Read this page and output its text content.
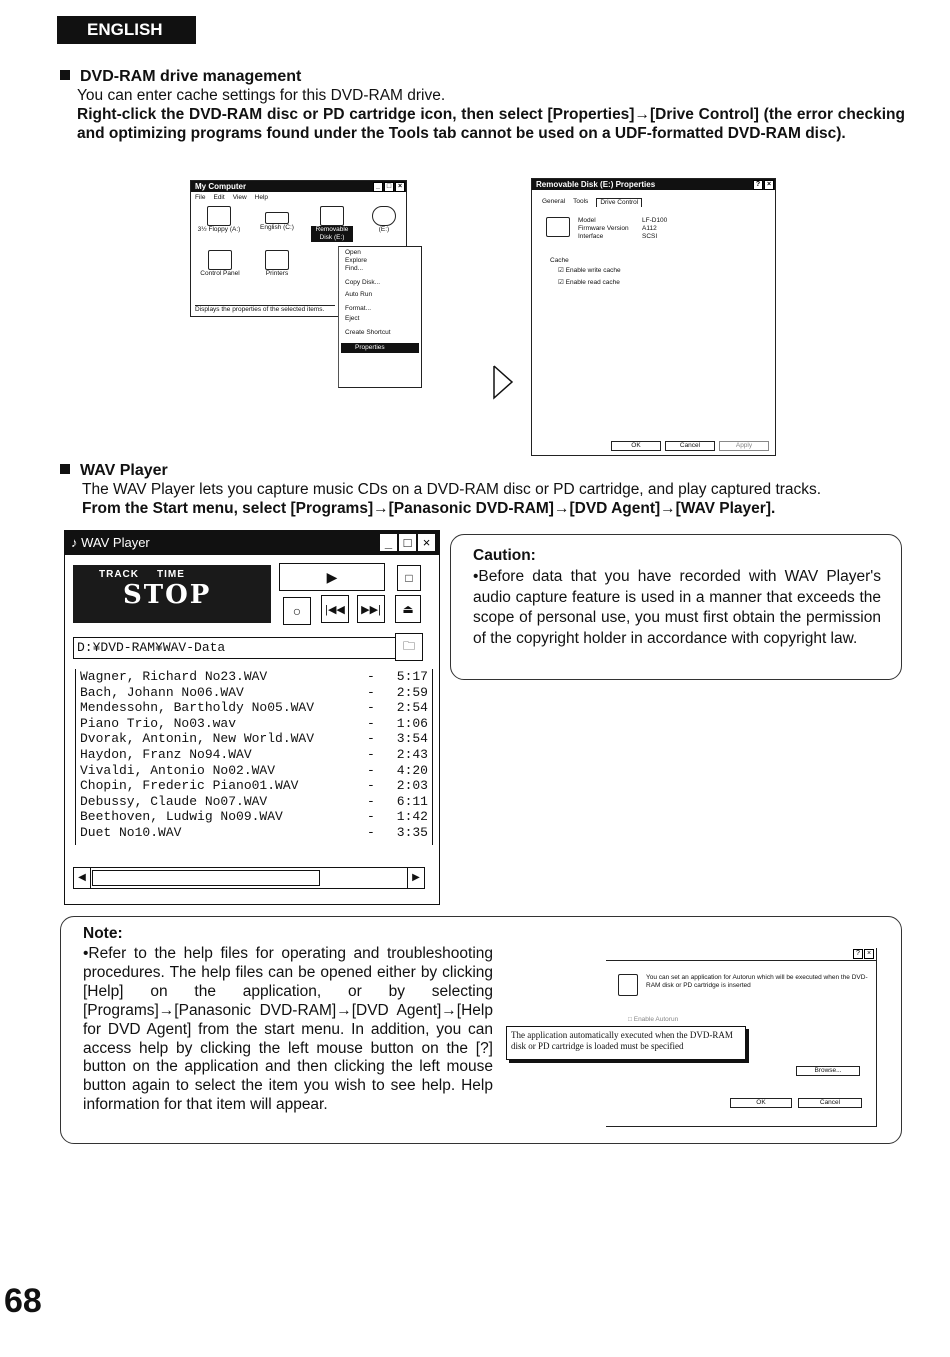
ENGLISH
DVD-RAM drive management
You can enter cache settings for this DVD-RAM drive.
Right-click the DVD-RAM disc or PD cartridge icon, then select [Properties]→[Drive Control] (the error checking and optimizing programs found under the Tools tab cannot be used on a UDF-formatted DVD-RAM disc).
My Computer	_ □ ×
File Edit View Help
3½ Floppy (A:)	English (C:)	Removable Disk (E:)
(E:)
Control Panel	Printers
Displays the properties of the selected items.
Open
Explore
Find...
Copy Disk...
Auto Run
Format...
Eject
Create Shortcut
Properties
Removable Disk (E:) Properties	? ×
General Tools	Drive Control
Model	LF-D100
Firmware Version	A112
Interface	SCSI
Cache
☑ Enable write cache
☑ Enable read cache
OK	Cancel	Apply
WAV Player
The WAV Player lets you capture music CDs on a DVD-RAM disc or PD cartridge, and play captured tracks.
From the Start menu, select [Programs]→[Panasonic DVD-RAM]→[DVD Agent]→[WAV Player].
♪ WAV Player	_ □ ×
TRACK TIME
STOP
▶	□
○	|◀◀	▶▶|	⏏
D:¥DVD-RAM¥WAV-Data	🗀
Wagner, Richard No23.WAV	- 5:17
Bach, Johann No06.WAV	- 2:59
Mendessohn, Bartholdy No05.WAV	- 2:54
Piano Trio, No03.wav	- 1:06
Dvorak, Antonin, New World.WAV	- 3:54
Haydon, Franz No94.WAV	- 2:43
Vivaldi, Antonio No02.WAV	- 4:20
Chopin, Frederic Piano01.WAV	- 2:03
Debussy, Claude No07.WAV	- 6:11
Beethoven, Ludwig No09.WAV	- 1:42
Duet No10.WAV	- 3:35
◀	▶
Caution:
•Before data that you have recorded with WAV Player's audio capture feature is used in a manner that exceeds the scope of personal use, you must first obtain the permission of the copyright holder in accordance with copyright law.
Note:
•Refer to the help files for operating and troubleshooting procedures. The help files can be opened either by clicking [Help] on the application, or by selecting [Programs]→[Panasonic DVD-RAM]→[DVD Agent]→[Help for DVD Agent] from the start menu. In addition, you can access help by clicking the left mouse button on the [?] button on the application and then clicking the left mouse button again to select the item you wish to see help. Help information for that item will appear.
?	×
You can set an application for Autorun which will be executed when the DVD-RAM disk or PD cartridge is inserted
□ Enable Autorun
Browse...
OK	Cancel
The application automatically executed when the DVD-RAM disk or PD cartridge is loaded must be specified
68
